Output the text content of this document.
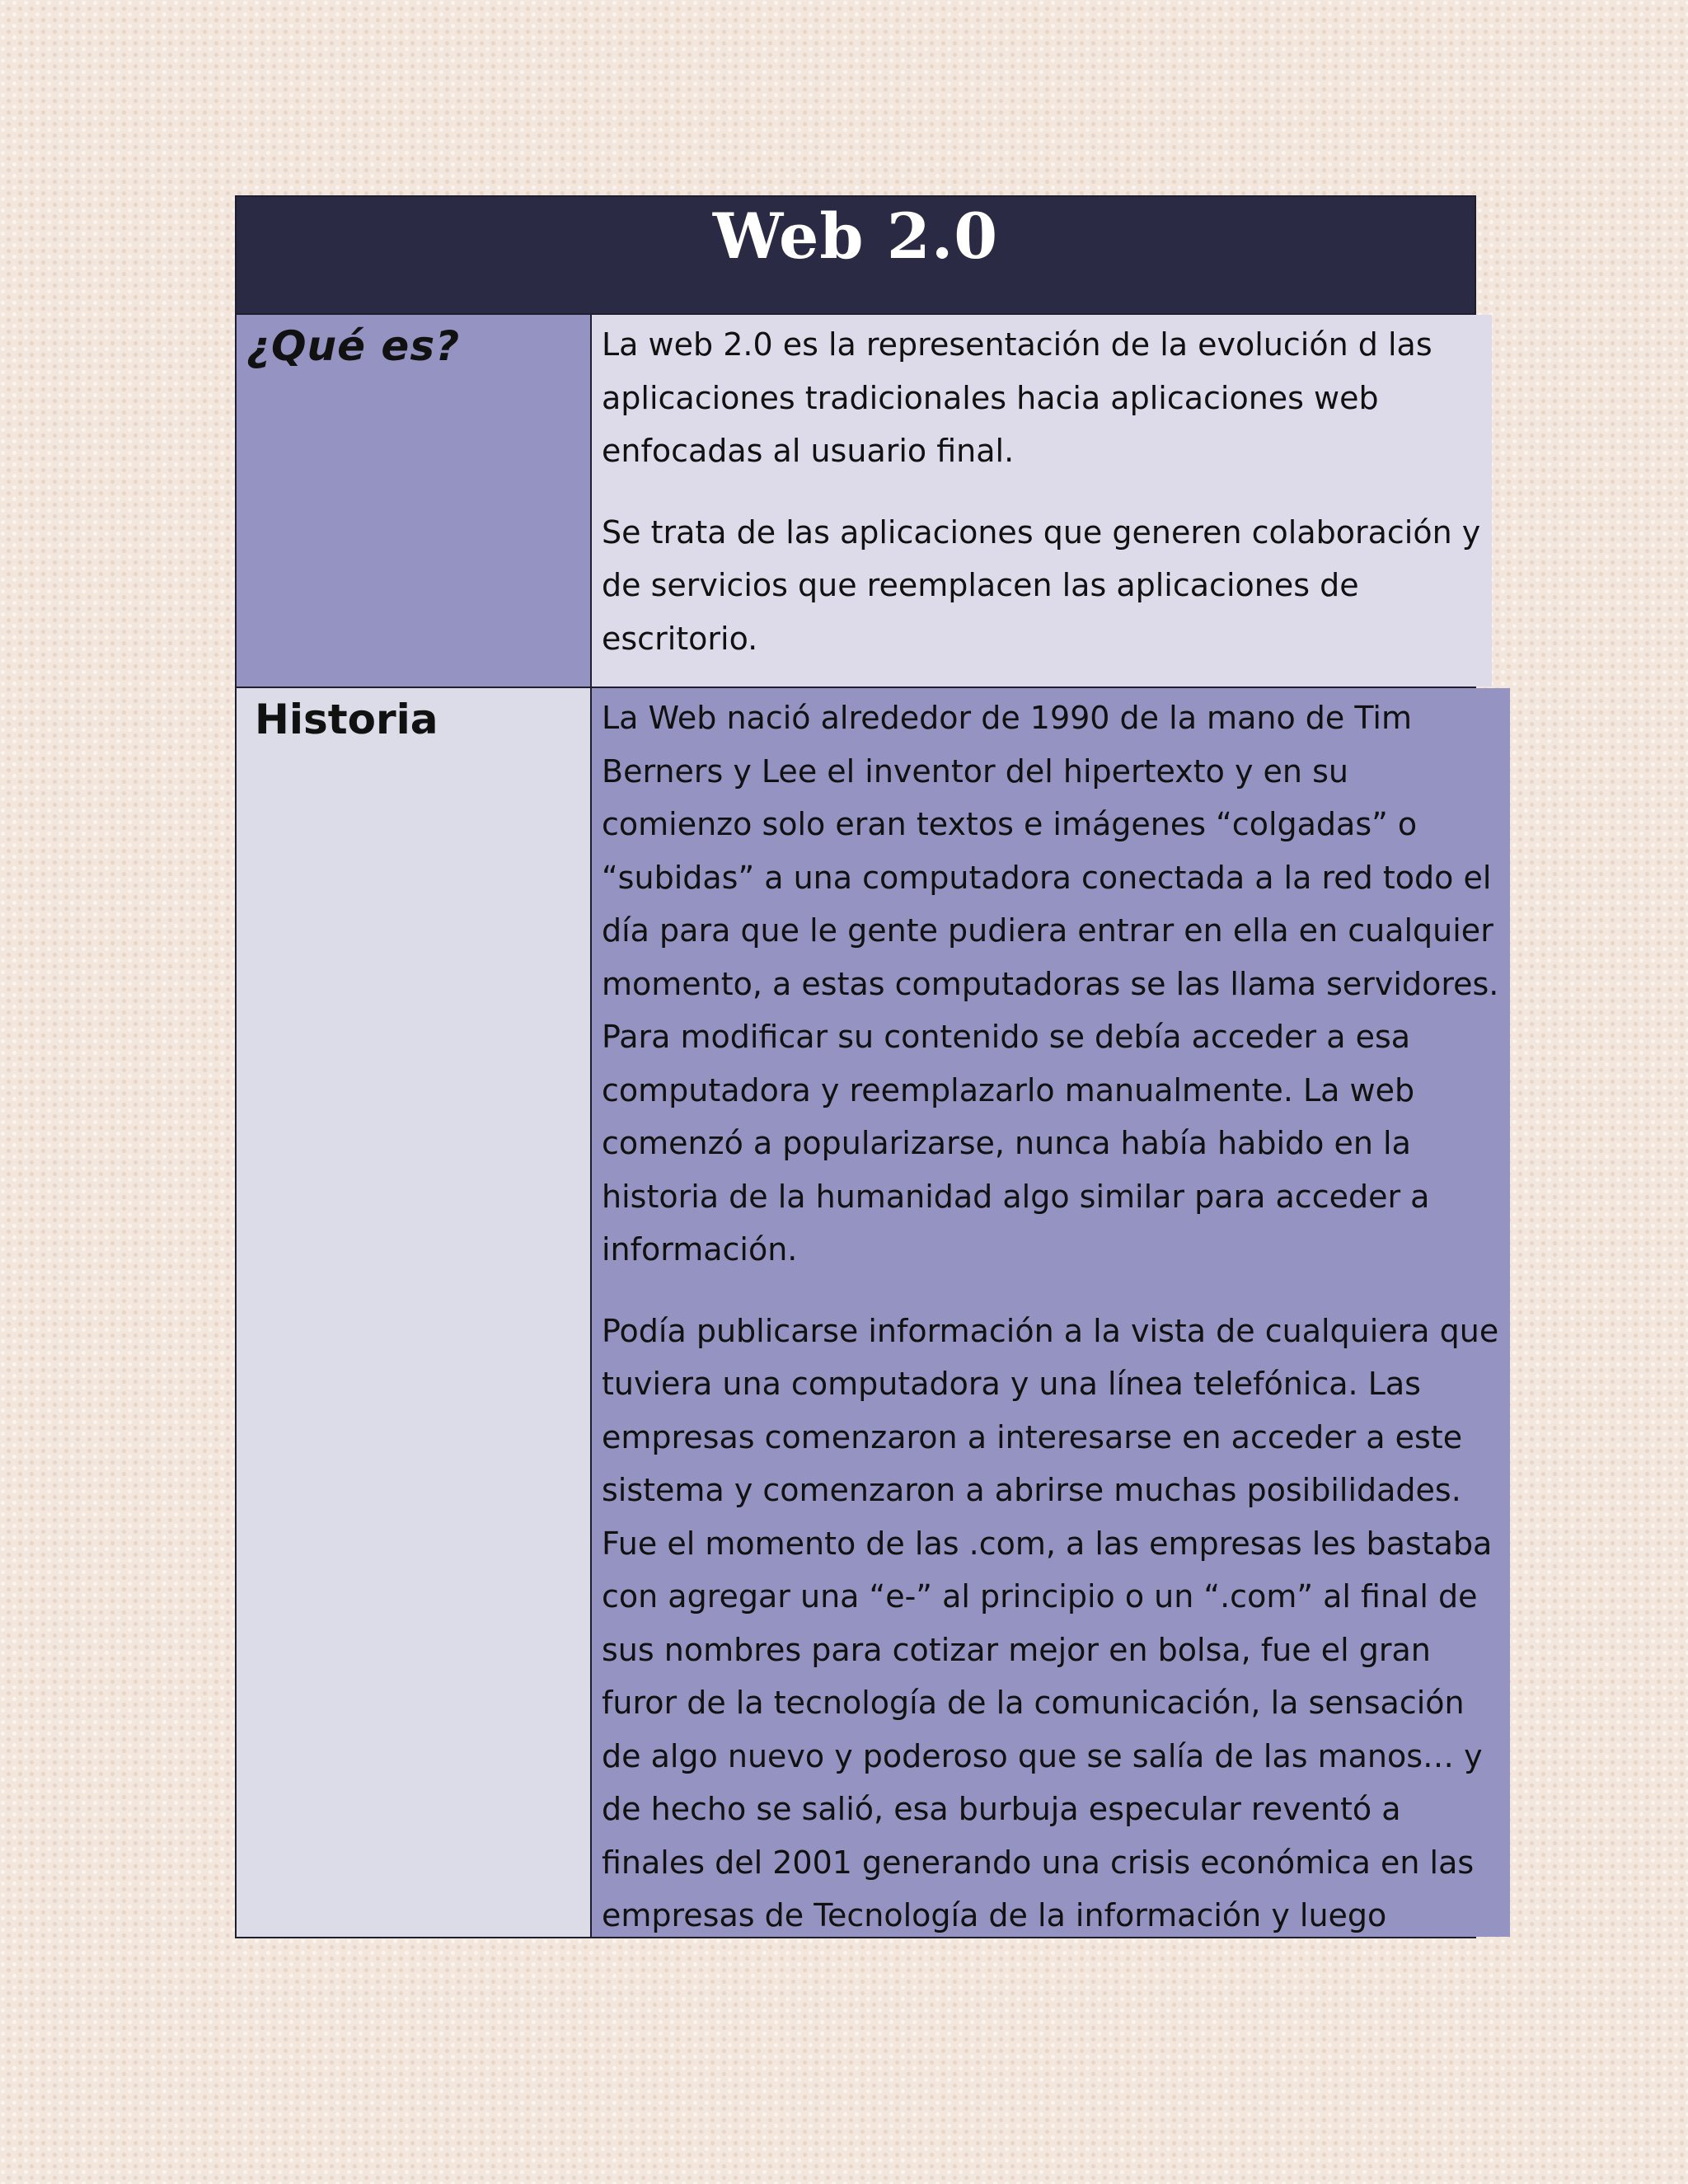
Web 2.0
¿Qué es?	La web 2.0 es la representación de la evolución d las
aplicaciones tradicionales hacia aplicaciones web
enfocadas al usuario final.

Se trata de las aplicaciones que generen colaboración y
de servicios que reemplacen las aplicaciones de
escritorio.

Historia	La Web nació alrededor de 1990 de la mano de Tim
Berners y Lee el inventor del hipertexto y en su
comienzo solo eran textos e imágenes “colgadas” o
“subidas” a una computadora conectada a la red todo el
día para que le gente pudiera entrar en ella en cualquier
momento, a estas computadoras se las llama servidores.
Para modificar su contenido se debía acceder a esa
computadora y reemplazarlo manualmente. La web
comenzó a popularizarse, nunca había habido en la
historia de la humanidad algo similar para acceder a
información.

Podía publicarse información a la vista de cualquiera que
tuviera una computadora y una línea telefónica. Las
empresas comenzaron a interesarse en acceder a este
sistema y comenzaron a abrirse muchas posibilidades.
Fue el momento de las .com, a las empresas les bastaba
con agregar una “e-” al principio o un “.com” al final de
sus nombres para cotizar mejor en bolsa, fue el gran
furor de la tecnología de la comunicación, la sensación
de algo nuevo y poderoso que se salía de las manos… y
de hecho se salió, esa burbuja especular reventó a
finales del 2001 generando una crisis económica en las
empresas de Tecnología de la información y luego
